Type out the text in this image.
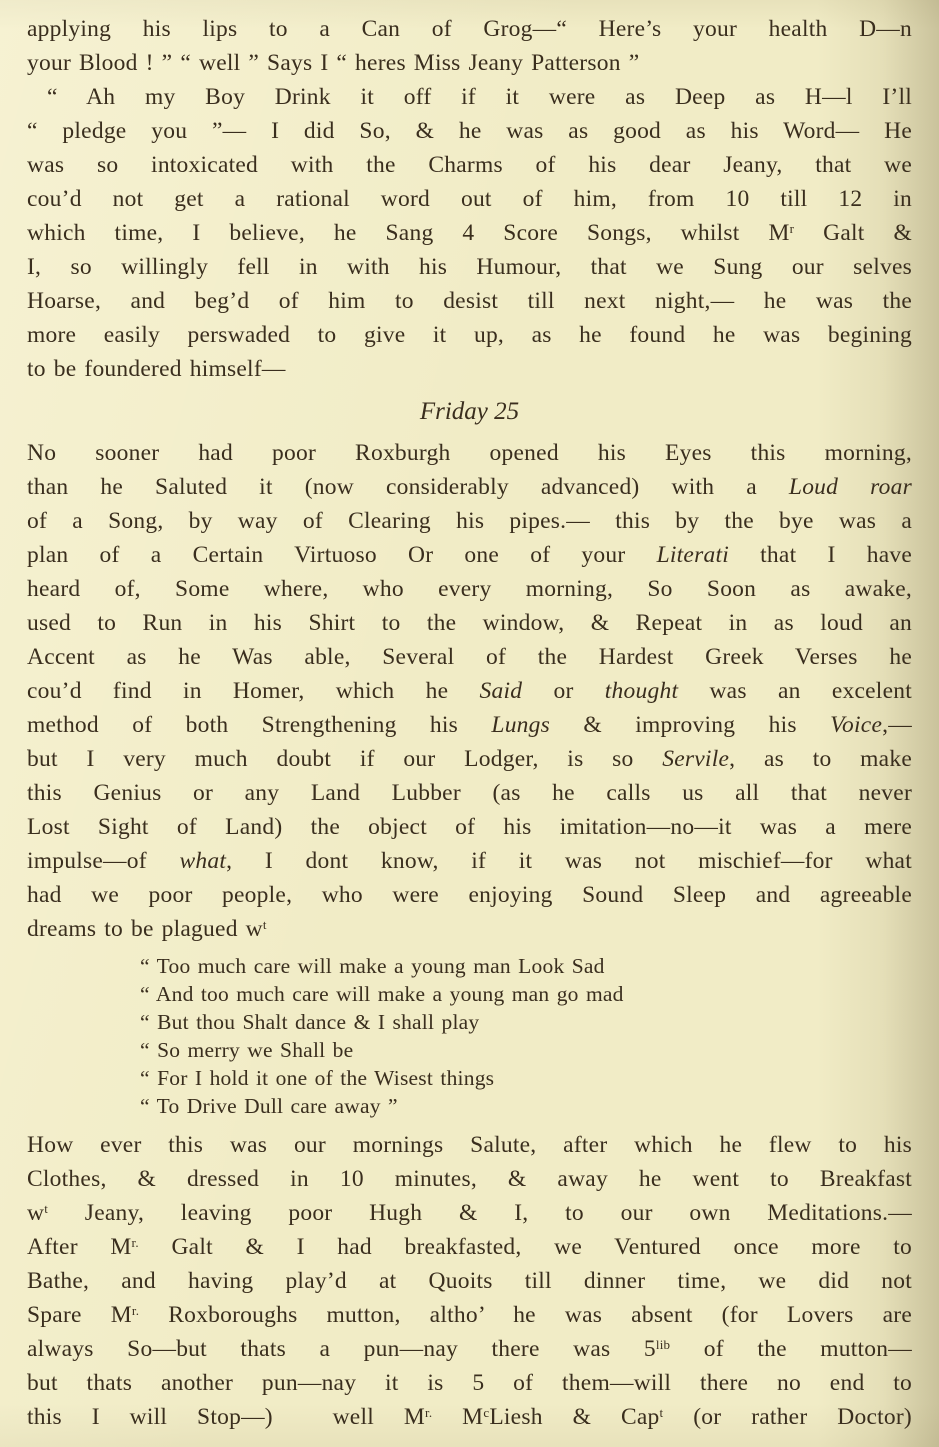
applying his lips to a Can of Grog—“ Here’s your health D—n
your Blood ! ” “ well ” Says I “ heres Miss Jeany Patterson ”
“ Ah my Boy Drink it off if it were as Deep as H—l I’ll
“ pledge you ”— I did So, & he was as good as his Word— He
was so intoxicated with the Charms of his dear Jeany, that we
cou’d not get a rational word out of him, from 10 till 12 in
which time, I believe, he Sang 4 Score Songs, whilst $M^r$ Galt &
I, so willingly fell in with his Humour, that we Sung our selves
Hoarse, and beg’d of him to desist till next night,— he was the
more easily perswaded to give it up, as he found he was begining
to be foundered himself—
Friday 25
No sooner had poor Roxburgh opened his Eyes this morning,
than he Saluted it (now considerably advanced) with a Loud roar
of a Song, by way of Clearing his pipes.— this by the bye was a
plan of a Certain Virtuoso Or one of your Literati that I have
heard of, Some where, who every morning, So Soon as awake,
used to Run in his Shirt to the window, & Repeat in as loud an
Accent as he Was able, Several of the Hardest Greek Verses he
cou’d find in Homer, which he Said or thought was an excelent
method of both Strengthening his Lungs & improving his Voice,—
but I very much doubt if our Lodger, is so Servile, as to make
this Genius or any Land Lubber (as he calls us all that never
Lost Sight of Land) the object of his imitation—no—it was a mere
impulse—of what, I dont know, if it was not mischief—for what
had we poor people, who were enjoying Sound Sleep and agreeable
dreams to be plagued $w^t$
“ Too much care will make a young man Look Sad
“ And too much care will make a young man go mad
“ But thou Shalt dance & I shall play
“ So merry we Shall be
“ For I hold it one of the Wisest things
“ To Drive Dull care away ”
How ever this was our mornings Salute, after which he flew to his
Clothes, & dressed in 10 minutes, & away he went to Breakfast
$w^t$ Jeany, leaving poor Hugh & I, to our own Meditations.—
After $M^{r.}$ Galt & I had breakfasted, we Ventured once more to
Bathe, and having play’d at Quoits till dinner time, we did not
Spare $M^{r.}$ Roxboroughs mutton, altho’ he was absent (for Lovers are
always So—but thats a pun—nay there was $5^{lib}$ of the mutton—
but thats another pun—nay it is 5 of them—will there no end to
this I will Stop—)  well $M^{r.}$ $M^cLiesh$ & Cap$^t$ (or rather Doctor)
